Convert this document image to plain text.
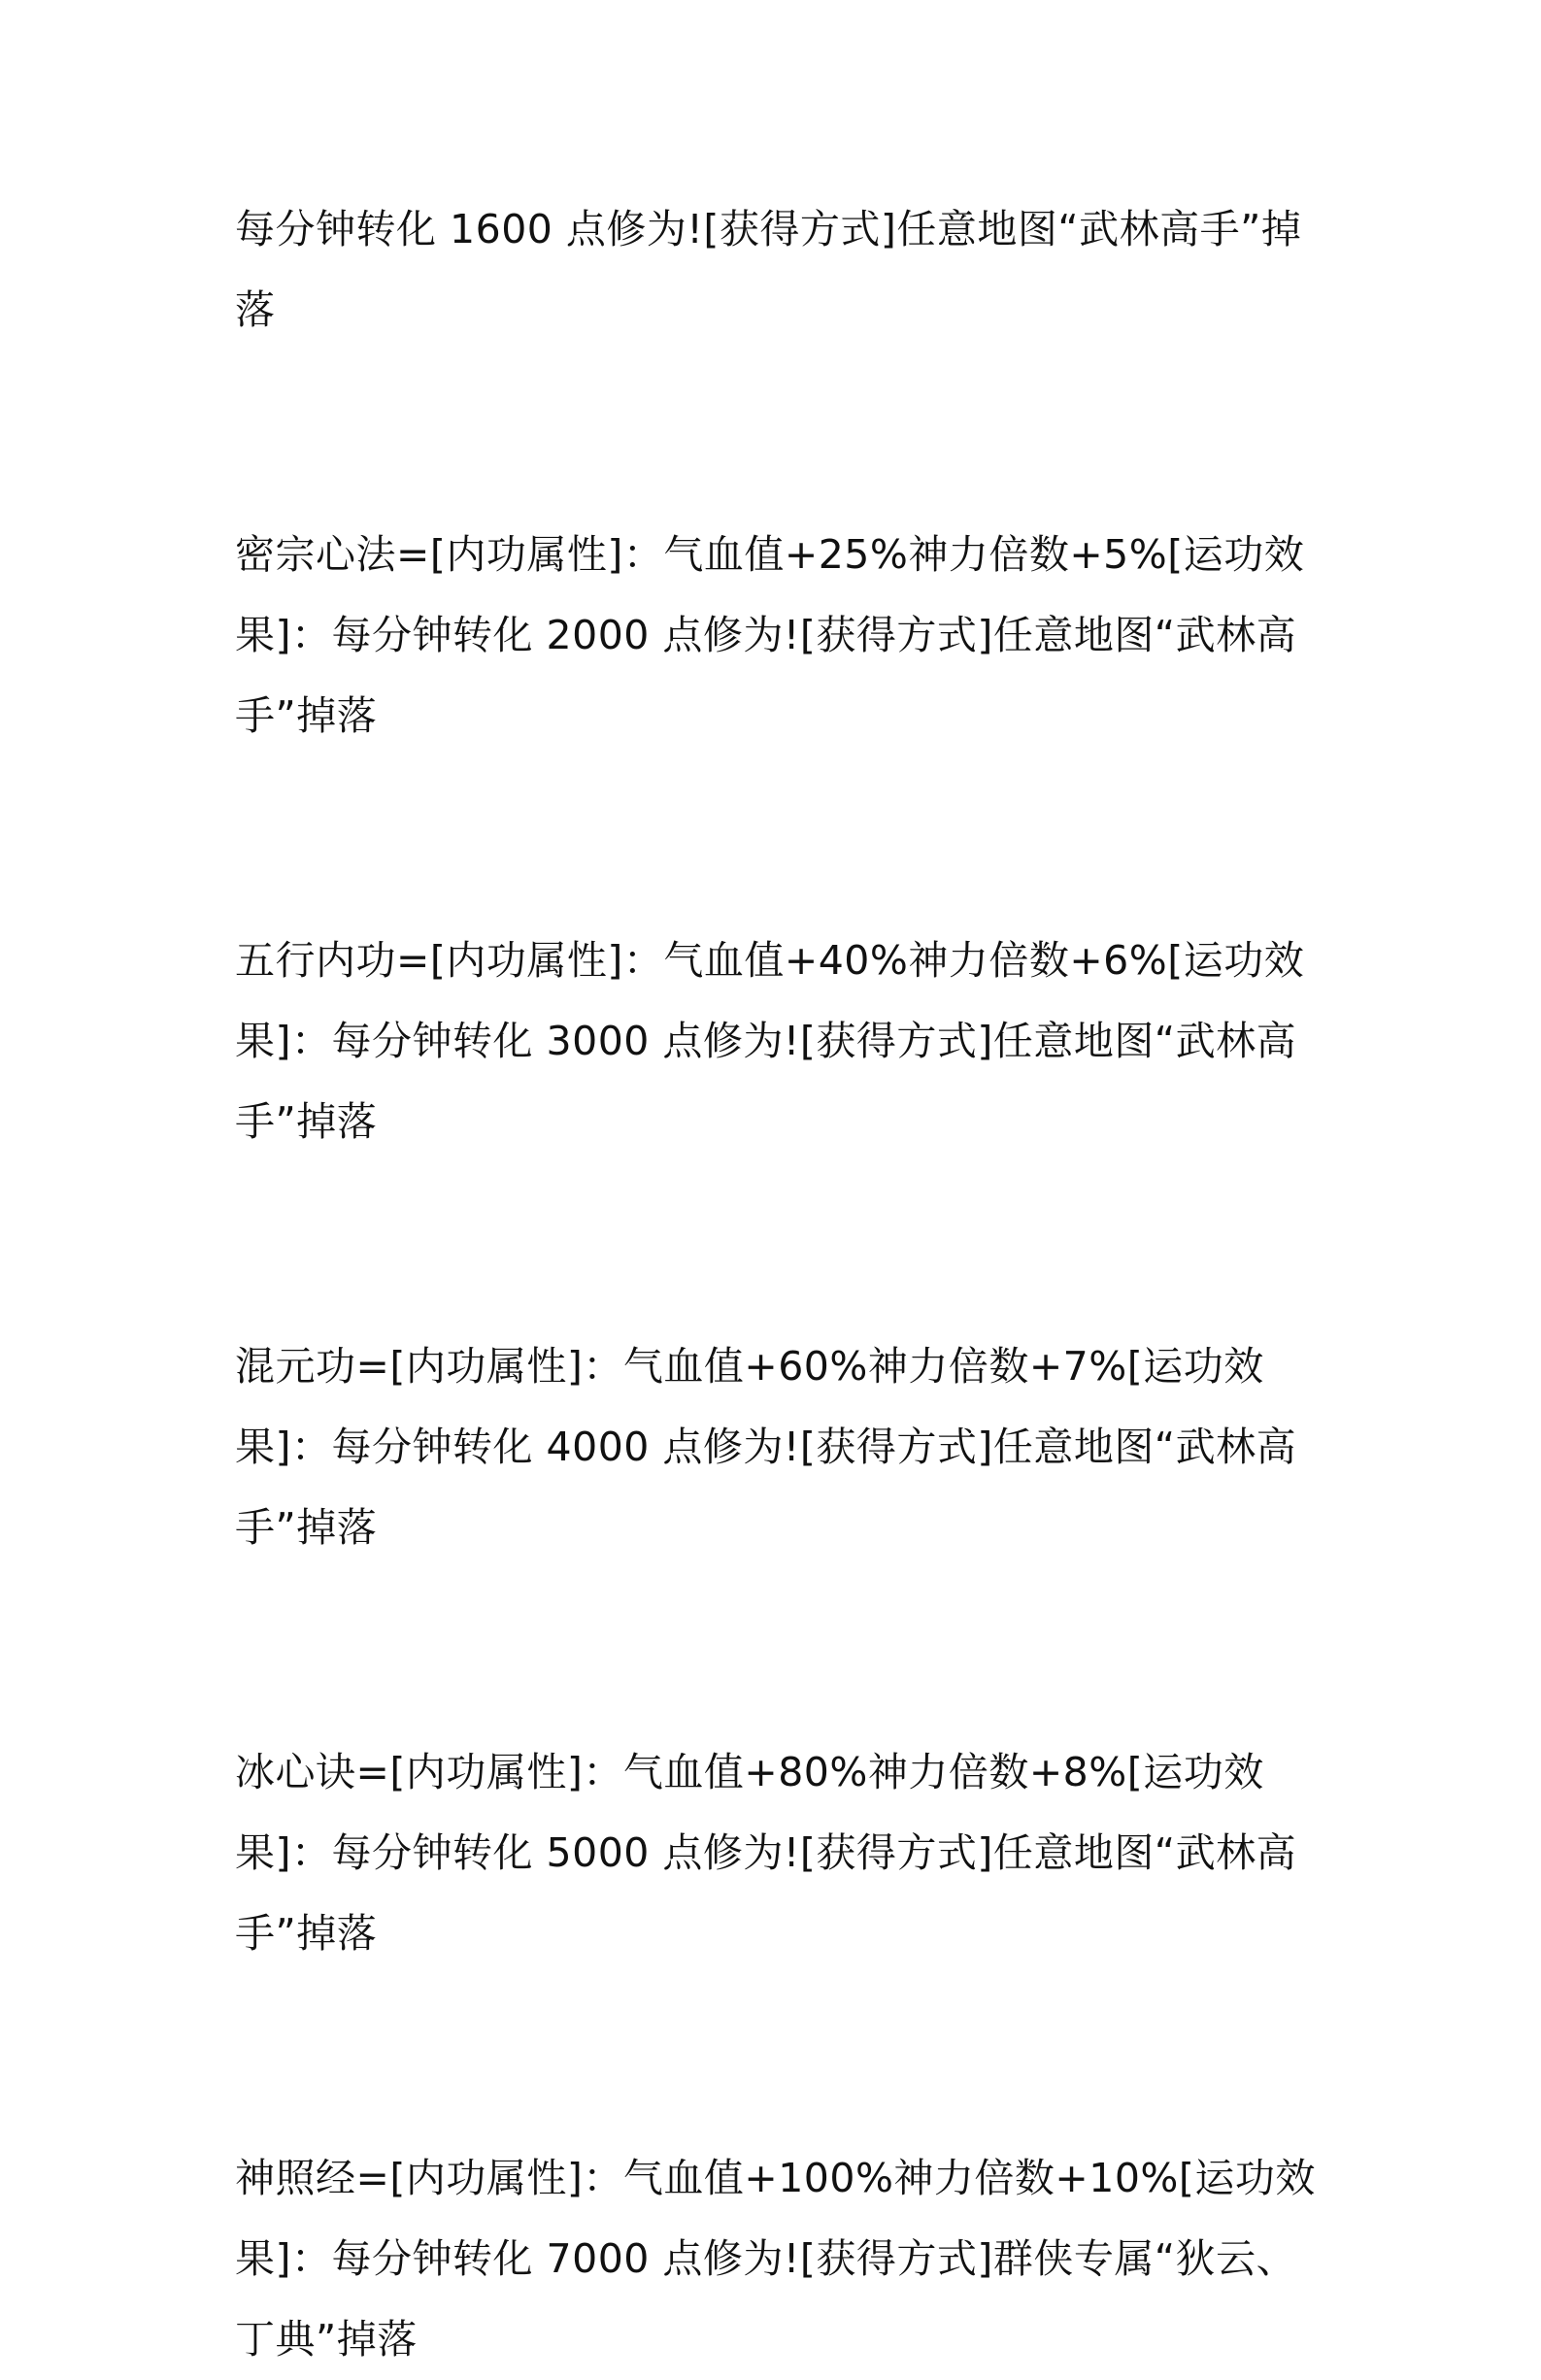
每分钟转化 1600 点修为![获得方式]任意地图“武林高手”掉落

密宗心法=[内功属性]：气血值+25%神力倍数+5%[运功效果]：每分钟转化 2000 点修为![获得方式]任意地图“武林高手”掉落

五行内功=[内功属性]：气血值+40%神力倍数+6%[运功效果]：每分钟转化 3000 点修为![获得方式]任意地图“武林高手”掉落

混元功=[内功属性]：气血值+60%神力倍数+7%[运功效果]：每分钟转化 4000 点修为![获得方式]任意地图“武林高手”掉落

冰心诀=[内功属性]：气血值+80%神力倍数+8%[运功效果]：每分钟转化 5000 点修为![获得方式]任意地图“武林高手”掉落

神照经=[内功属性]：气血值+100%神力倍数+10%[运功效果]：每分钟转化 7000 点修为![获得方式]群侠专属“狄云、丁典”掉落
